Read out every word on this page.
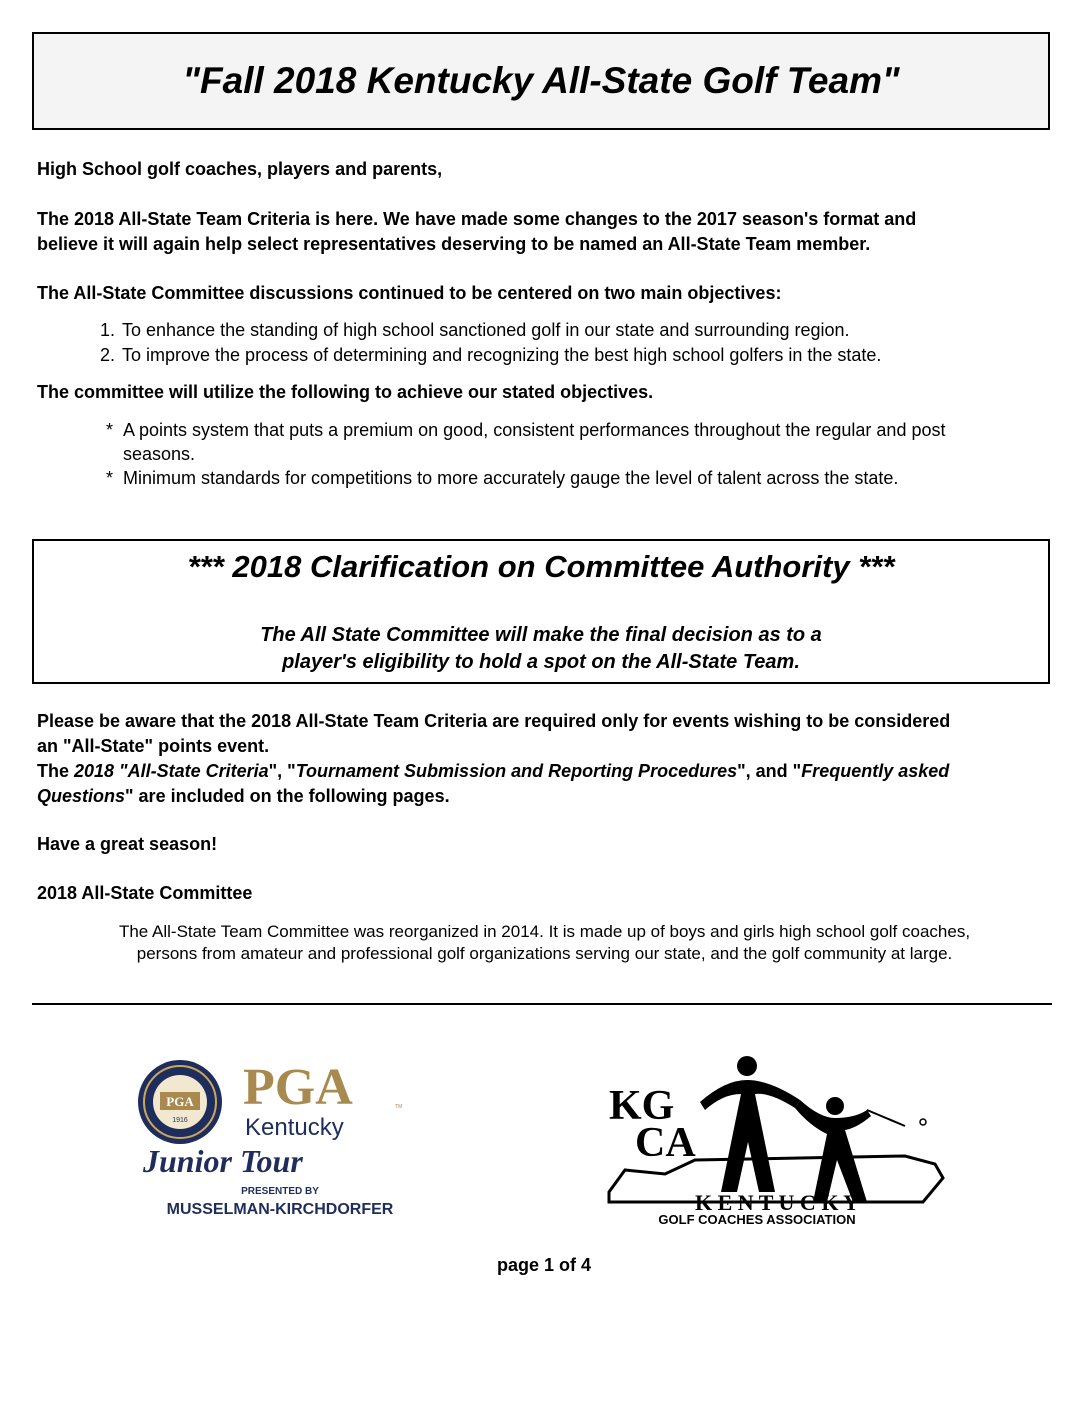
"Fall 2018 Kentucky All-State Golf Team"
High School golf coaches, players and parents,
The 2018 All-State Team Criteria is here. We have made some changes to the 2017 season's format and
believe it will again help select representatives deserving to be named an All-State Team member.
The All-State Committee discussions continued to be centered on two main objectives:
1. To enhance the standing of high school sanctioned golf in our state and surrounding region.
2. To improve the process of determining and recognizing the best high school golfers in the state.
The committee will utilize the following to achieve our stated objectives.
* A points system that puts a premium on good, consistent performances throughout the regular and post
seasons.
* Minimum standards for competitions to more accurately gauge the level of talent across the state.
*** 2018 Clarification on Committee Authority ***
The All State Committee will make the final decision as to a
player's eligibility to hold a spot on the All-State Team.
Please be aware that the 2018 All-State Team Criteria are required only for events wishing to be considered
an "All-State" points event.
The 2018 "All-State Criteria", "Tournament Submission and Reporting Procedures", and "Frequently asked
Questions" are included on the following pages.
Have a great season!
2018 All-State Committee
The All-State Team Committee was reorganized in 2014. It is made up of boys and girls high school golf coaches,
persons from amateur and professional golf organizations serving our state, and the golf community at large.
PGA
1916
PGA	TM
Kentucky
Junior Tour
PRESENTED BY
MUSSELMAN-KIRCHDORFER
KG
CA
K E N T U C K Y
GOLF COACHES ASSOCIATION
page 1 of 4
